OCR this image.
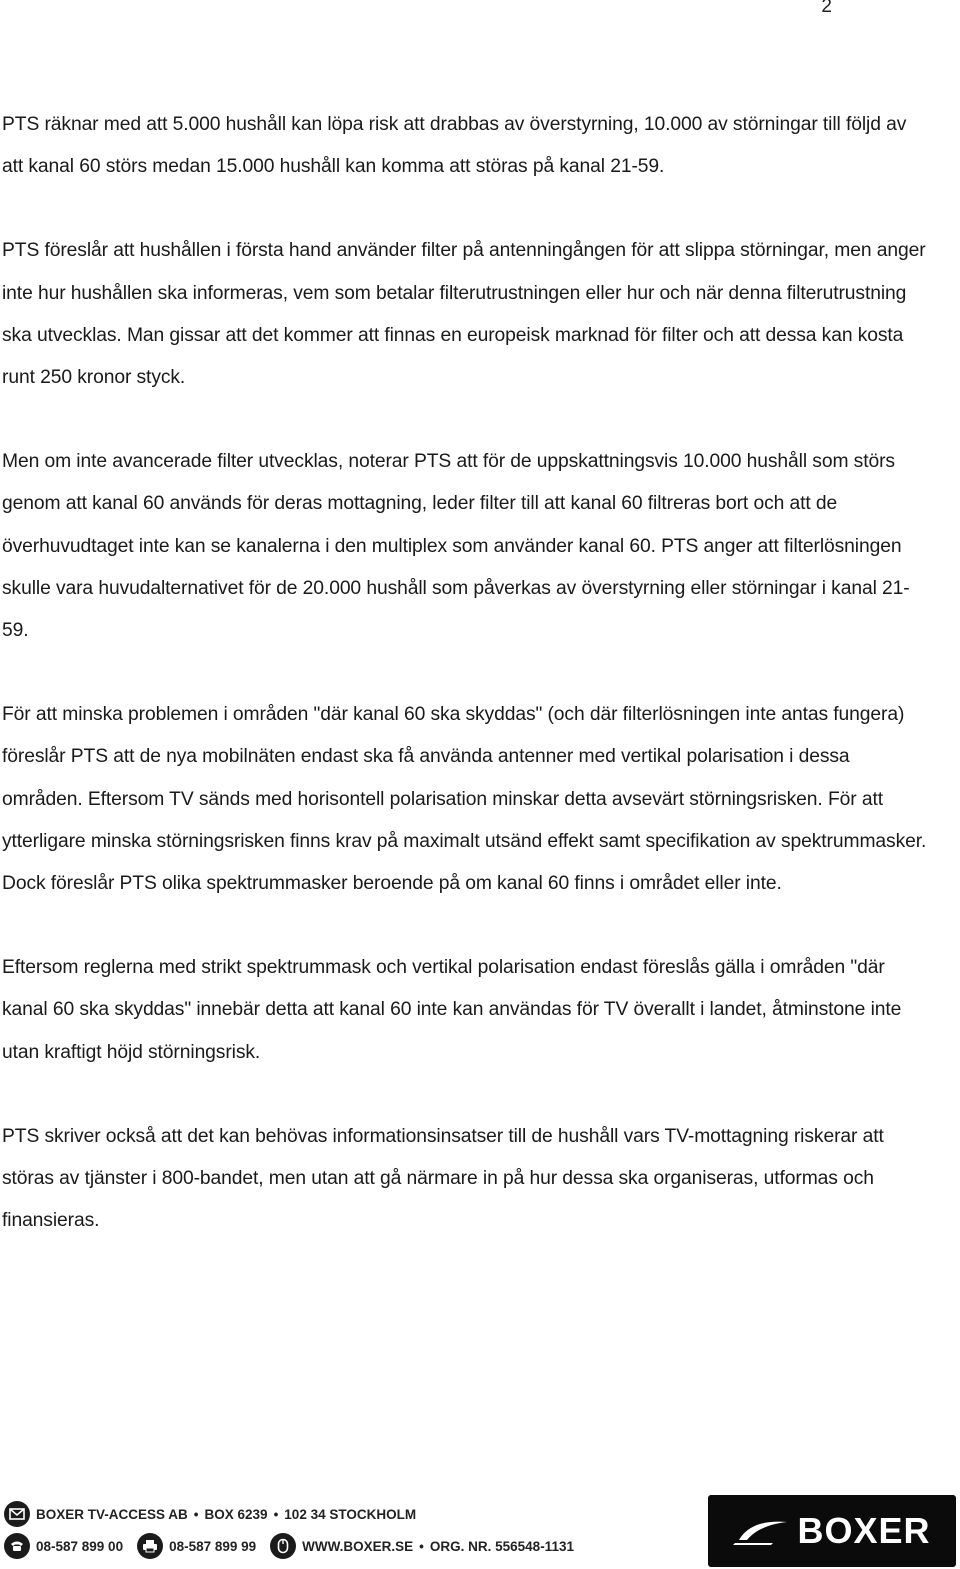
2

PTS räknar med att 5.000 hushåll kan löpa risk att drabbas av överstyrning, 10.000 av störningar till följd av att kanal 60 störs medan 15.000 hushåll kan komma att störas på kanal 21-59.

PTS föreslår att hushållen i första hand använder filter på antenningången för att slippa störningar, men anger inte hur hushållen ska informeras, vem som betalar filterutrustningen eller hur och när denna filterutrustning ska utvecklas. Man gissar att det kommer att finnas en europeisk marknad för filter och att dessa kan kosta runt 250 kronor styck.

Men om inte avancerade filter utvecklas, noterar PTS att för de uppskattningsvis 10.000 hushåll som störs genom att kanal 60 används för deras mottagning, leder filter till att kanal 60 filtreras bort och att de överhuvudtaget inte kan se kanalerna i den multiplex som använder kanal 60. PTS anger att filterlösningen skulle vara huvudalternativet för de 20.000 hushåll som påverkas av överstyrning eller störningar i kanal 21-59.

För att minska problemen i områden "där kanal 60 ska skyddas" (och där filterlösningen inte antas fungera) föreslår PTS att de nya mobilnäten endast ska få använda antenner med vertikal polarisation i dessa områden. Eftersom TV sänds med horisontell polarisation minskar detta avsevärt störningsrisken. För att ytterligare minska störningsrisken finns krav på maximalt utsänd effekt samt specifikation av spektrummasker. Dock föreslår PTS olika spektrummasker beroende på om kanal 60 finns i området eller inte.

Eftersom reglerna med strikt spektrummask och vertikal polarisation endast föreslås gälla i områden "där kanal 60 ska skyddas" innebär detta att kanal 60 inte kan användas för TV överallt i landet, åtminstone inte utan kraftigt höjd störningsrisk.

PTS skriver också att det kan behövas informationsinsatser till de hushåll vars TV-mottagning riskerar att störas av tjänster i 800-bandet, men utan att gå närmare in på hur dessa ska organiseras, utformas och finansieras.

BOXER TV-ACCESS AB • BOX 6239 • 102 34 STOCKHOLM
08-587 899 00	08-587 899 99	WWW.BOXER.SE • ORG. NR. 556548-1131	BOXER
